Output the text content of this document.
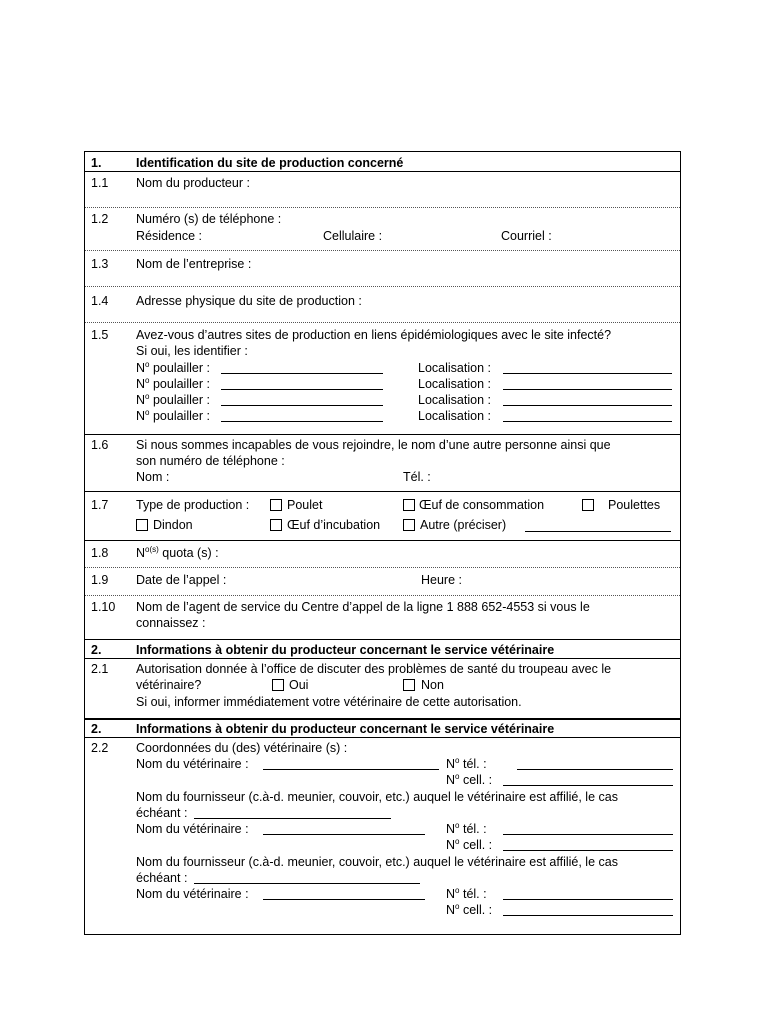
1.	Identification du site de production concerné
1.1 Nom du producteur :
1.2 Numéro (s) de téléphone :
Résidence :	Cellulaire :	Courriel :
1.3 Nom de l’entreprise :
1.4 Adresse physique du site de production :
1.5 Avez-vous d’autres sites de production en liens épidémiologiques avec le site infecté?
Si oui, les identifier :
$N^o$ poulailler :	Localisation :
$N^o$ poulailler :	Localisation :
$N^o$ poulailler :	Localisation :
$N^o$ poulailler :	Localisation :
1.6 Si nous sommes incapables de vous rejoindre, le nom d’une autre personne ainsi que
son numéro de téléphone :
Nom :	Tél. :
1.7 Type de production :	Poulet	Œuf de consommation	Poulettes
Dindon	Œuf d’incubation	Autre (préciser)
1.8 $N^{o(s)}$ quota (s) :
1.9 Date de l’appel :	Heure :
1.10 Nom de l’agent de service du Centre d’appel de la ligne 1 888 652-4553 si vous le
connaissez :
2.	Informations à obtenir du producteur concernant le service vétérinaire
2.1 Autorisation donnée à l’office de discuter des problèmes de santé du troupeau avec le
vétérinaire?	Oui	Non
Si oui, informer immédiatement votre vétérinaire de cette autorisation.
2.	Informations à obtenir du producteur concernant le service vétérinaire
2.2 Coordonnées du (des) vétérinaire (s) :
Nom du vétérinaire :	$N^o$ tél. :
$N^o$ cell. :
Nom du fournisseur (c.à-d. meunier, couvoir, etc.) auquel le vétérinaire est affilié, le cas
échéant :
Nom du vétérinaire :	$N^o$ tél. :
$N^o$ cell. :
Nom du fournisseur (c.à-d. meunier, couvoir, etc.) auquel le vétérinaire est affilié, le cas
échéant :
Nom du vétérinaire :	$N^o$ tél. :
$N^o$ cell. :
